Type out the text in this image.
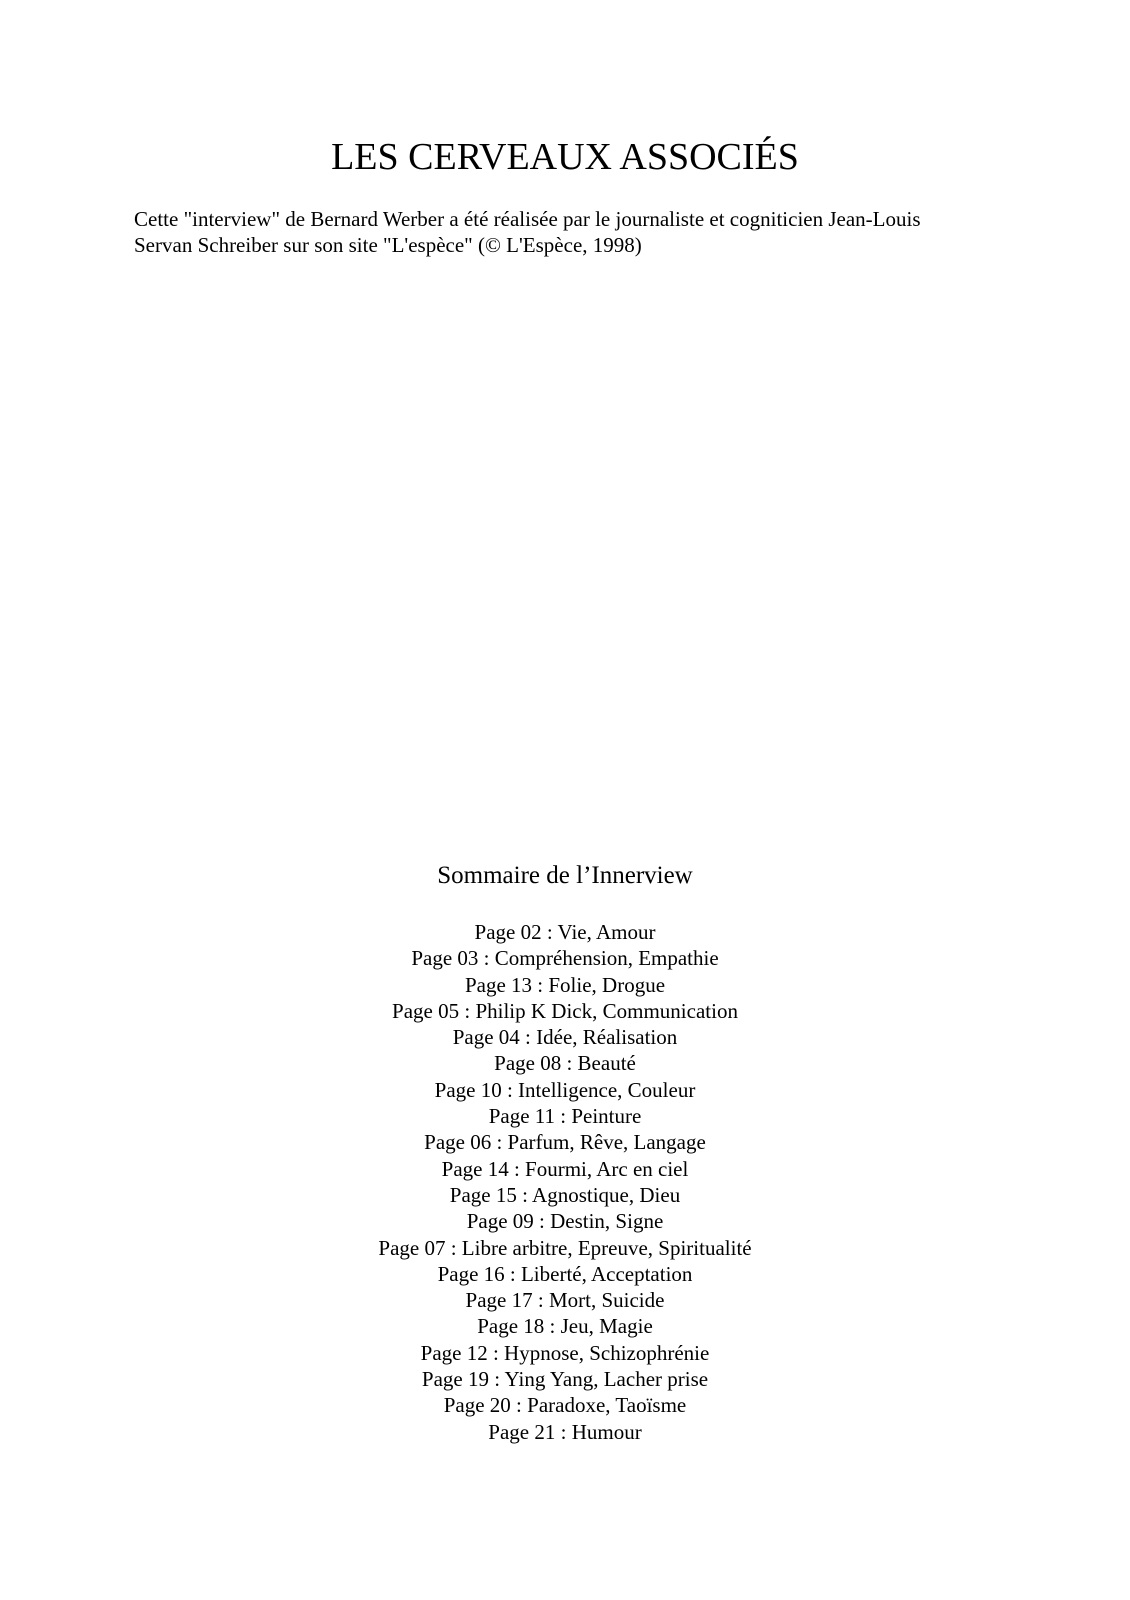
LES CERVEAUX ASSOCIÉS

Cette "interview" de Bernard Werber a été réalisée par le journaliste et cogniticien Jean-Louis

Servan Schreiber sur son site "L'espèce" (© L'Espèce, 1998)

Sommaire de l’Innerview
Page 02 : Vie, Amour
Page 03 : Compréhension, Empathie
Page 13 : Folie, Drogue
Page 05 : Philip K Dick, Communication
Page 04 : Idée, Réalisation
Page 08 : Beauté
Page 10 : Intelligence, Couleur
Page 11 : Peinture
Page 06 : Parfum, Rêve, Langage
Page 14 : Fourmi, Arc en ciel
Page 15 : Agnostique, Dieu
Page 09 : Destin, Signe
Page 07 : Libre arbitre, Epreuve, Spiritualité
Page 16 : Liberté, Acceptation
Page 17 : Mort, Suicide
Page 18 : Jeu, Magie
Page 12 : Hypnose, Schizophrénie
Page 19 : Ying Yang, Lacher prise
Page 20 : Paradoxe, Taoïsme
Page 21 : Humour
